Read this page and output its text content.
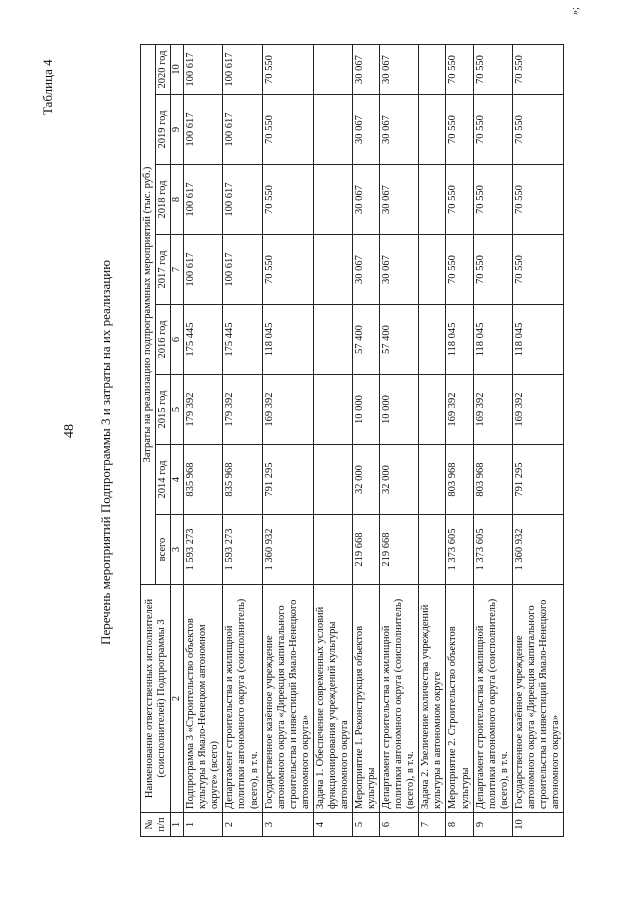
48
Таблица 4
Перечень мероприятий Подпрограммы 3 и затраты на их реализацию
№ п/п	Наименование ответственных исполнителей (соисполнителей) Подпрограммы 3	Затраты на реализацию подпрограммных мероприятий (тыс. руб.)							
		всего	2014 год	2015 год	2016 год	2017 год	2018 год	2019 год	2020 год
1	2	3	4	5	6	7	8	9	10
1	Подпрограмма 3 «Строительство объектов культуры в Ямало-Ненецком автономном округе» (всего)	1 593 273	835 968	179 392	175 445	100 617	100 617	100 617	100 617
2	Департамент строительства и жилищной политики автономного округа (соисполнитель) (всего), в т.ч.	1 593 273	835 968	179 392	175 445	100 617	100 617	100 617	100 617
3	Государственное казённое учреждение автономного округа «Дирекция капитального строительства и инвестиций Ямало-Ненецкого автономного округа»	1 360 932	791 295	169 392	118 045	70 550	70 550	70 550	70 550
4	Задача 1. Обеспечение современных условий функционирования учреждений культуры автономного округа								
5	Мероприятие 1. Реконструкция объектов культуры	219 668	32 000	10 000	57 400	30 067	30 067	30 067	30 067
6	Департамент строительства и жилищной политики автономного округа (соисполнитель) (всего), в т.ч.	219 668	32 000	10 000	57 400	30 067	30 067	30 067	30 067
7	Задача 2. Увеличение количества учреждений культуры в автономном округе								
8	Мероприятие 2. Строительство объектов культуры	1 373 605	803 968	169 392	118 045	70 550	70 550	70 550	70 550
9	Департамент строительства и жилищной политики автономного округа (соисполнитель) (всего), в т.ч.	1 373 605	803 968	169 392	118 045	70 550	70 550	70 550	70 550
10	Государственное казённое учреждение автономного округа «Дирекция капитального строительства и инвестиций Ямало-Ненецкого автономного округа»	1 360 932	791 295	169 392	118 045	70 550	70 550	70 550	70 550
»;
